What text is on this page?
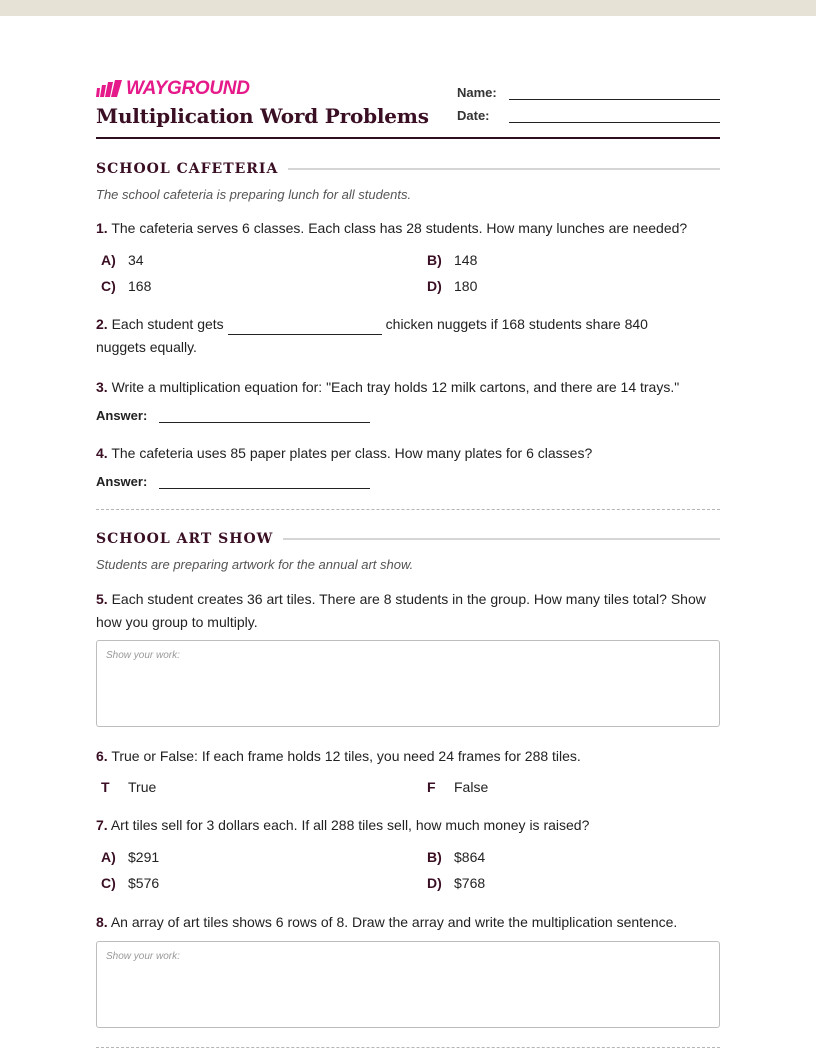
WAYGROUND
Multiplication Word Problems
Name:
Date:
SCHOOL CAFETERIA
The school cafeteria is preparing lunch for all students.
1. The cafeteria serves 6 classes. Each class has 28 students. How many lunches are needed?
A) 34	B) 148
C) 168	D) 180
2. Each student gets	chicken nuggets if 168 students share 840
nuggets equally.
3. Write a multiplication equation for: "Each tray holds 12 milk cartons, and there are 14 trays."
Answer:
4. The cafeteria uses 85 paper plates per class. How many plates for 6 classes?
Answer:
SCHOOL ART SHOW
Students are preparing artwork for the annual art show.
5. Each student creates 36 art tiles. There are 8 students in the group. How many tiles total? Show how you group to multiply.
Show your work:
6. True or False: If each frame holds 12 tiles, you need 24 frames for 288 tiles.
T True	F False
7. Art tiles sell for 3 dollars each. If all 288 tiles sell, how much money is raised?
A) $291	B) $864
C) $576	D) $768
8. An array of art tiles shows 6 rows of 8. Draw the array and write the multiplication sentence.
Show your work:
